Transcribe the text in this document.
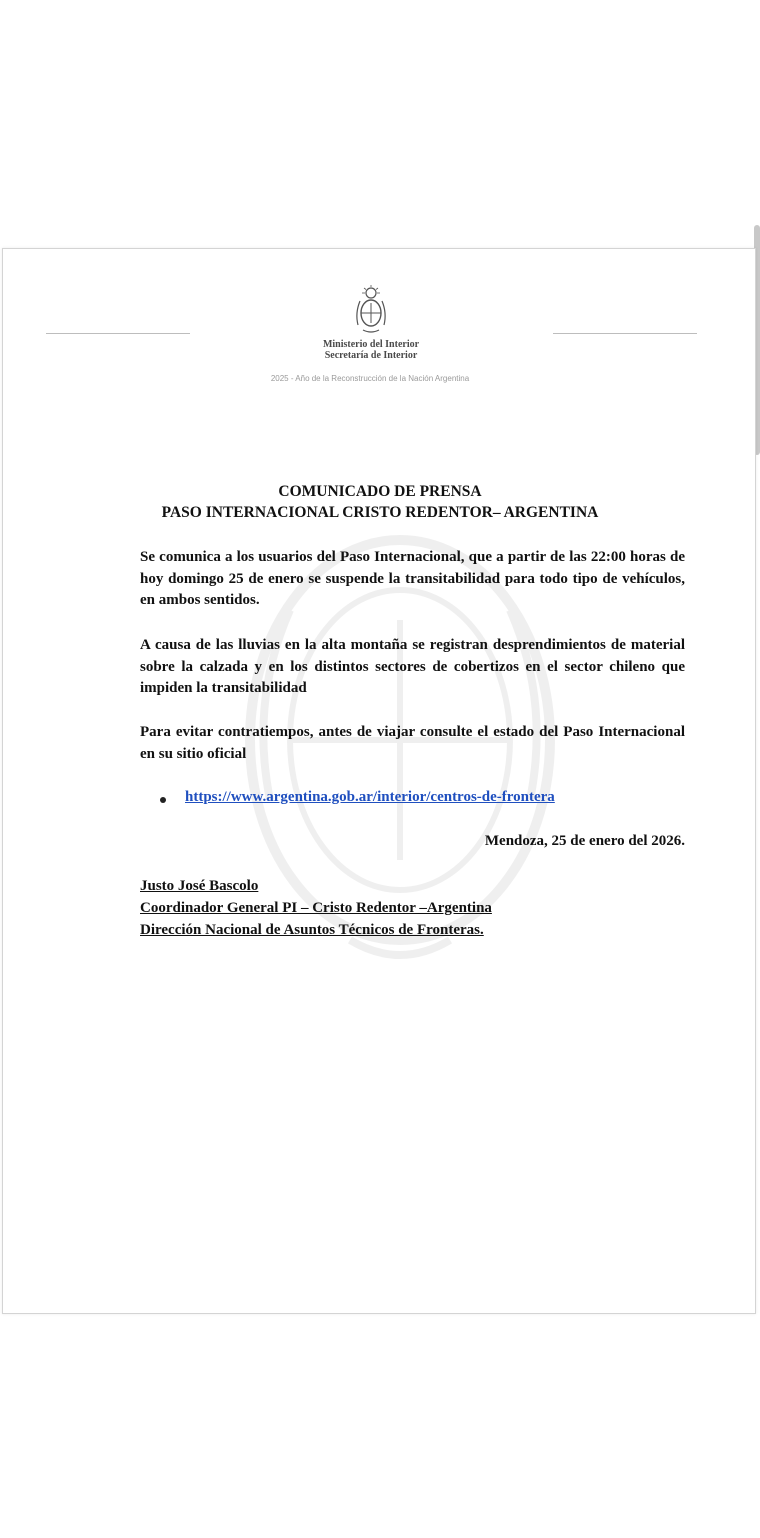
Ministerio del Interior
Secretaría de Interior
2025 - Año de la Reconstrucción de la Nación Argentina
COMUNICADO DE PRENSA
PASO INTERNACIONAL CRISTO REDENTOR– ARGENTINA
Se comunica a los usuarios del Paso Internacional, que a partir de las 22:00 horas de hoy domingo 25 de enero se suspende la transitabilidad para todo tipo de vehículos, en ambos sentidos.
A causa de las lluvias en la alta montaña se registran desprendimientos de material sobre la calzada y en los distintos sectores de cobertizos en el sector chileno que impiden la transitabilidad
Para evitar contratiempos, antes de viajar consulte el estado del Paso Internacional en su sitio oficial
https://www.argentina.gob.ar/interior/centros-de-frontera
Mendoza, 25 de enero del 2026.
Justo José Bascolo
Coordinador General PI – Cristo Redentor –Argentina
Dirección Nacional de Asuntos Técnicos de Fronteras.
